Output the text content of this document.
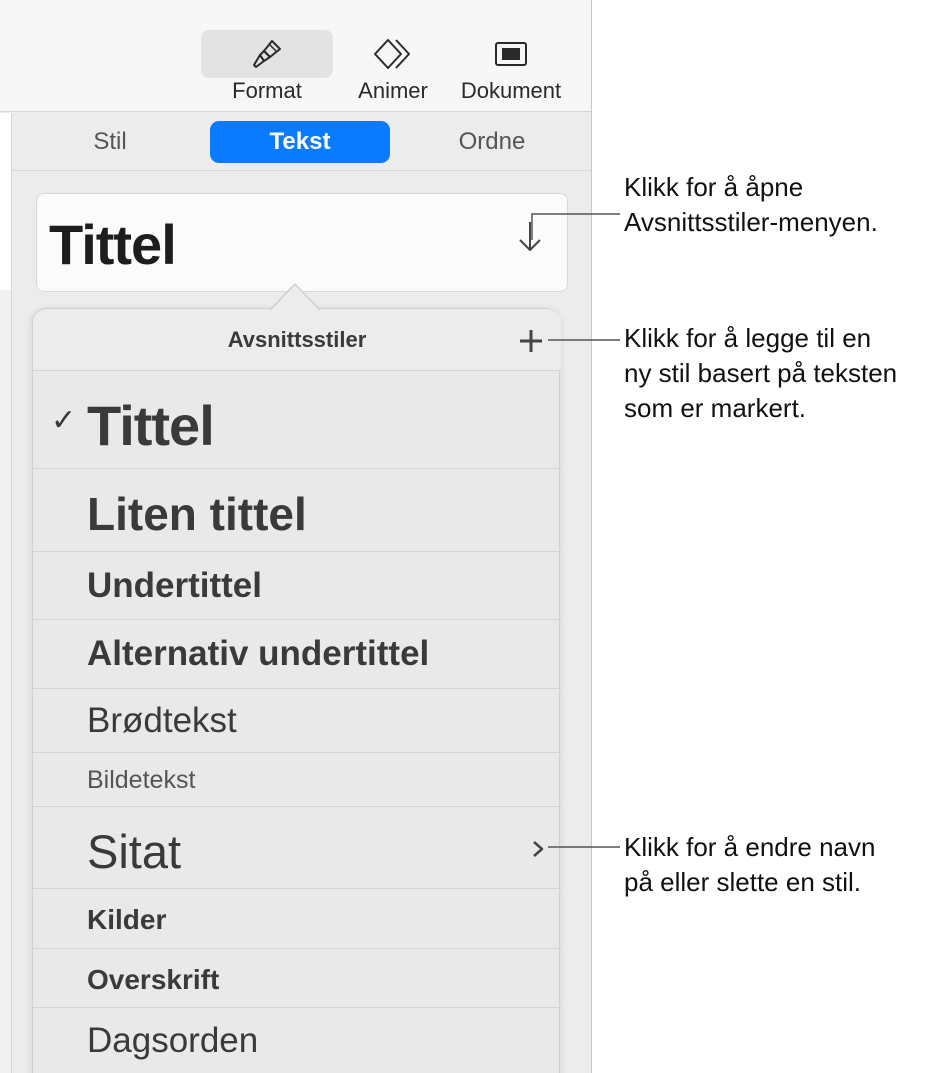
Format	Animer	Dokument
Stil	Tekst	Ordne
Tittel
Avsnittsstiler
✓ Tittel
Liten tittel
Undertittel
Alternativ undertittel
Brødtekst
Bildetekst
Sitat
Kilder
Overskrift
Dagsorden
Klikk for å åpne
Avsnittsstiler-menyen.
Klikk for å legge til en
ny stil basert på teksten
som er markert.
Klikk for å endre navn
på eller slette en stil.
